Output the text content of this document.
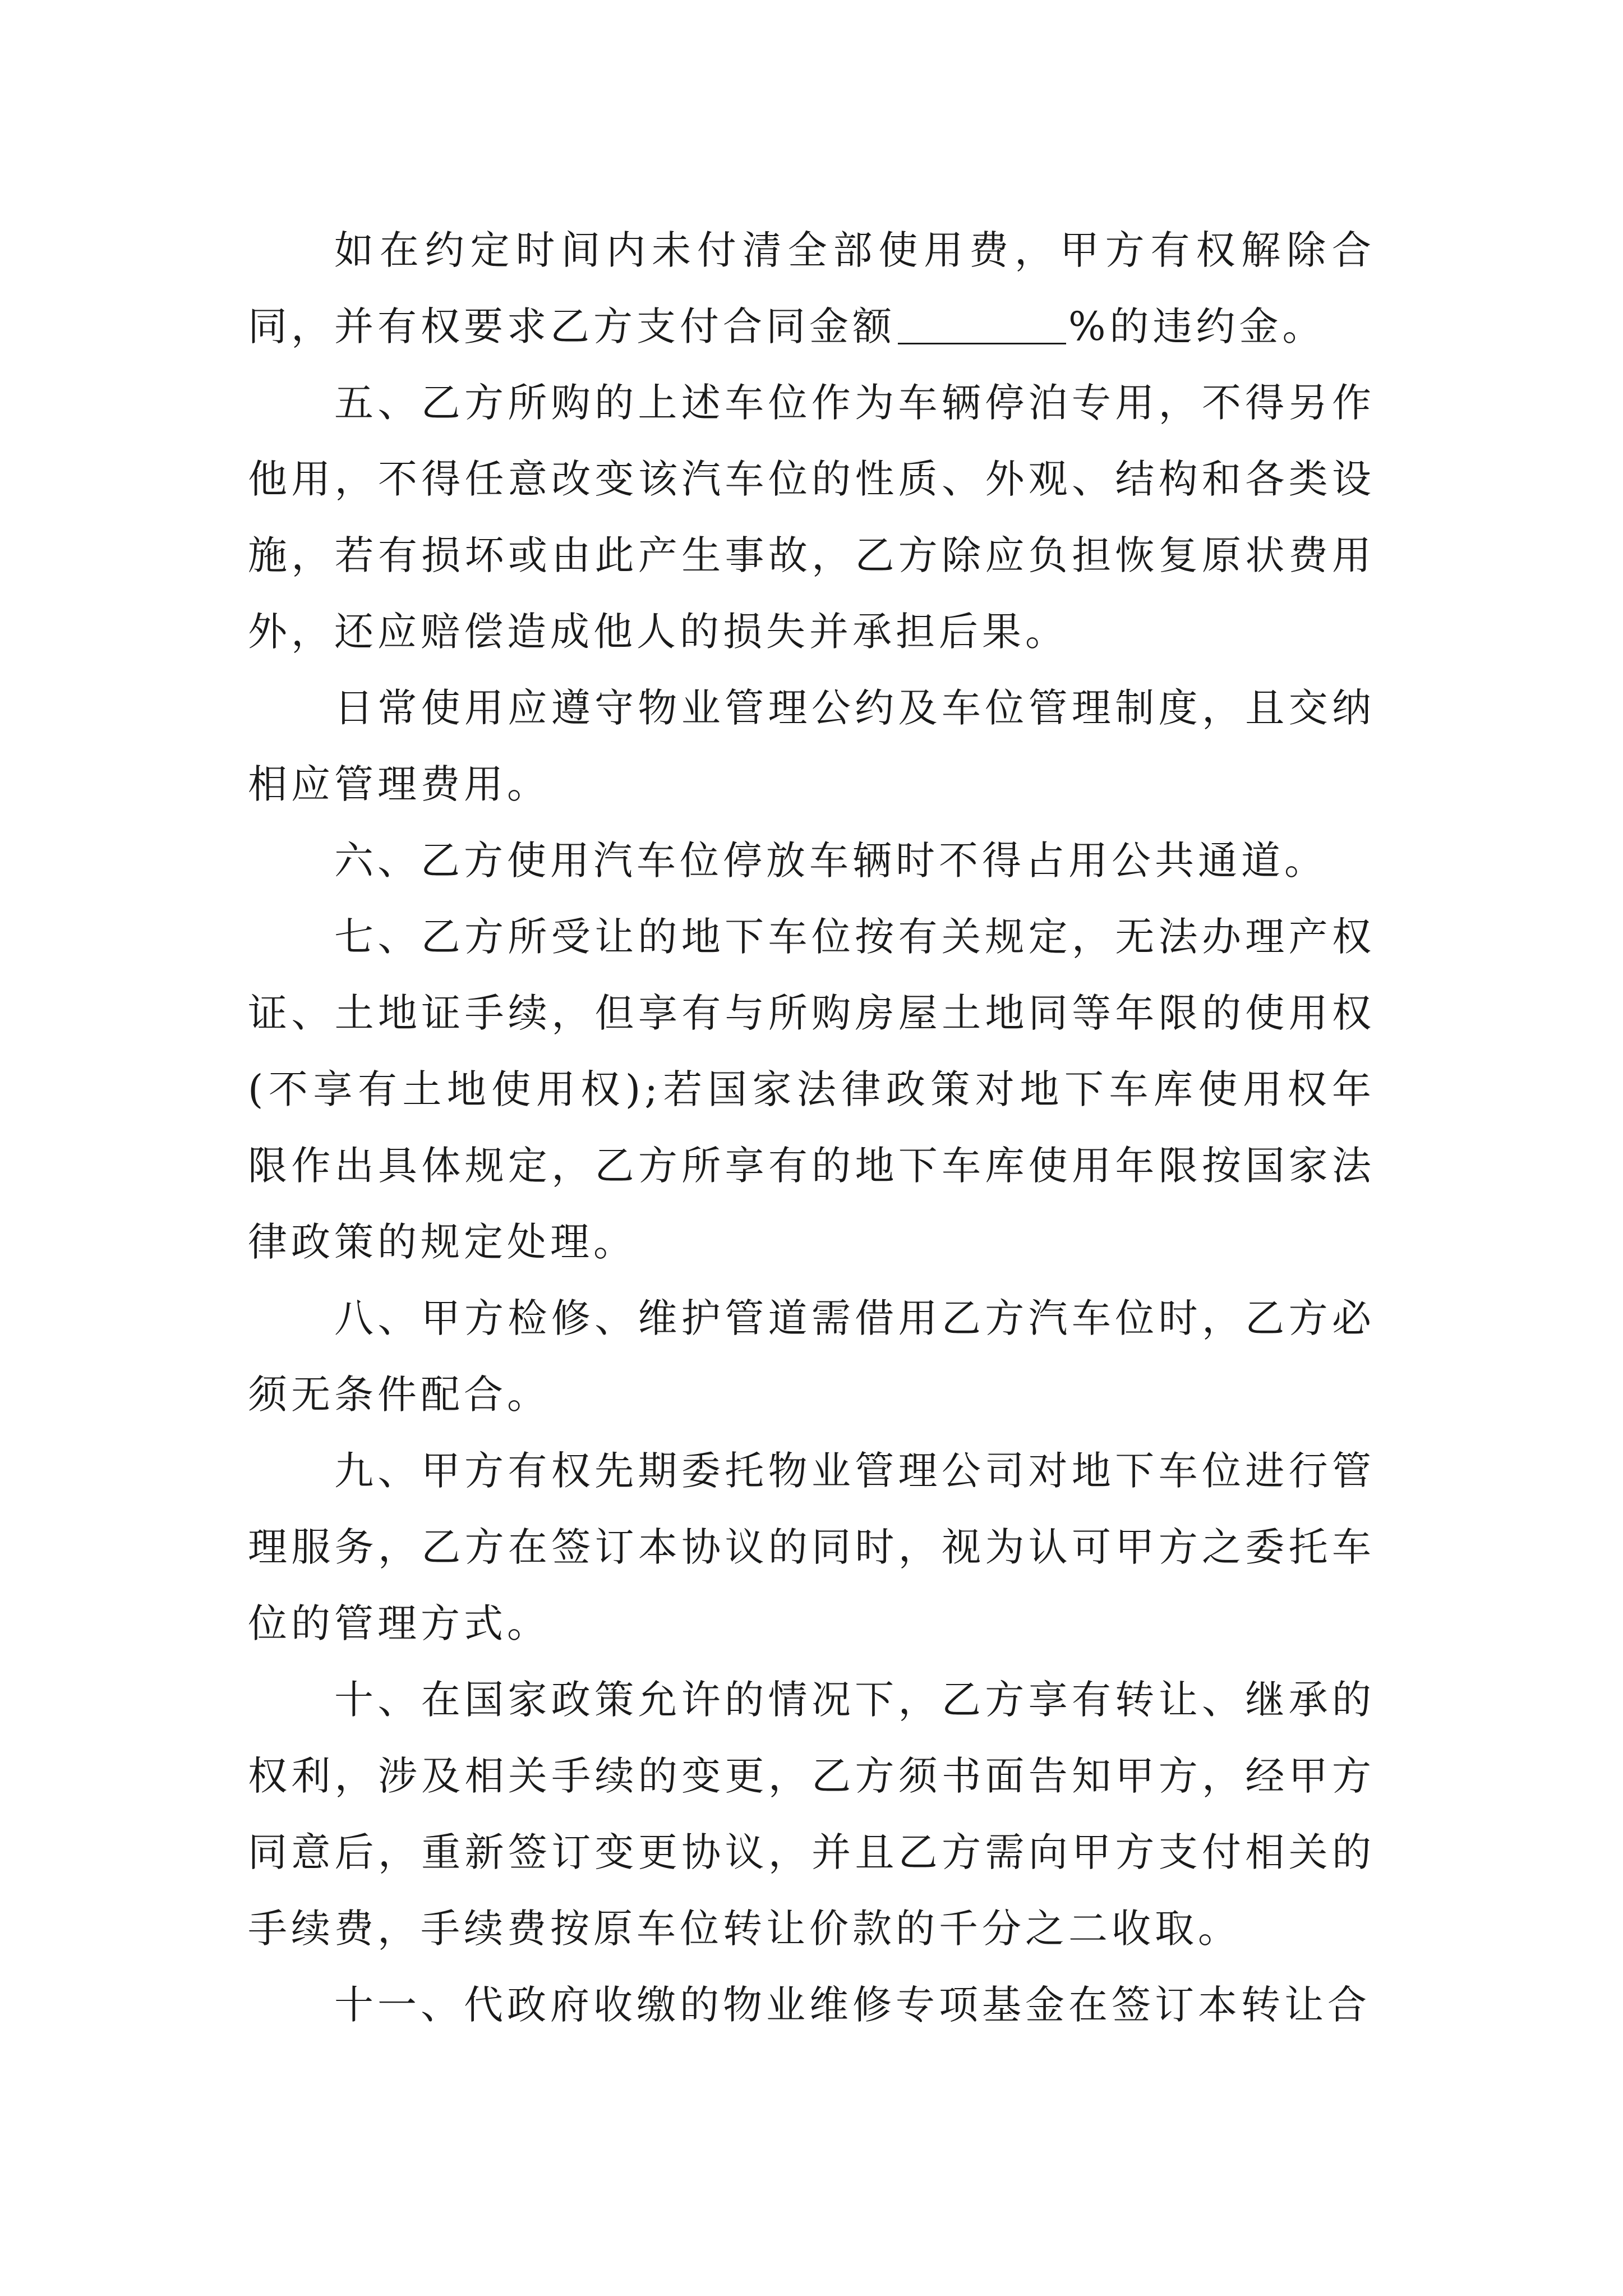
如在约定时间内未付清全部使用费，甲方有权解除合同，并有权要求乙方支付合同金额	%的违约金。

五、乙方所购的上述车位作为车辆停泊专用，不得另作他用，不得任意改变该汽车位的性质、外观、结构和各类设施，若有损坏或由此产生事故，乙方除应负担恢复原状费用外，还应赔偿造成他人的损失并承担后果。

日常使用应遵守物业管理公约及车位管理制度，且交纳相应管理费用。

六、乙方使用汽车位停放车辆时不得占用公共通道。

七、乙方所受让的地下车位按有关规定，无法办理产权证、土地证手续，但享有与所购房屋土地同等年限的使用权(不享有土地使用权);若国家法律政策对地下车库使用权年限作出具体规定，乙方所享有的地下车库使用年限按国家法律政策的规定处理。

八、甲方检修、维护管道需借用乙方汽车位时，乙方必须无条件配合。

九、甲方有权先期委托物业管理公司对地下车位进行管理服务，乙方在签订本协议的同时，视为认可甲方之委托车位的管理方式。

十、在国家政策允许的情况下，乙方享有转让、继承的权利，涉及相关手续的变更，乙方须书面告知甲方，经甲方同意后，重新签订变更协议，并且乙方需向甲方支付相关的手续费，手续费按原车位转让价款的千分之二收取。

十一、代政府收缴的物业维修专项基金在签订本转让合
